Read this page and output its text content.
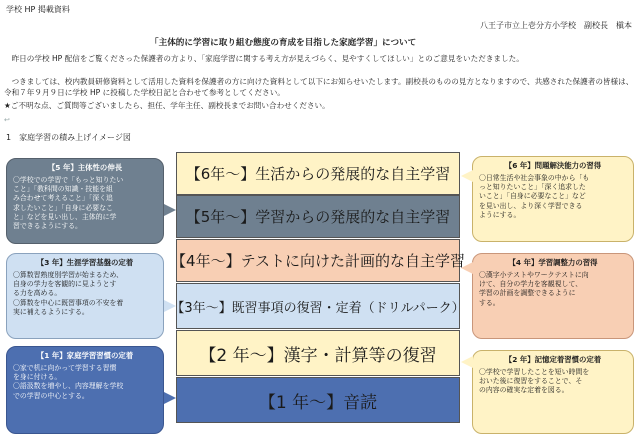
学校 HP 掲載資料
八王子市立上壱分方小学校　副校長　槇本
「主体的に学習に取り組む態度の育成を目指した家庭学習」について
　昨日の学校 HP 配信をご覧くださった保護者の方より、「家庭学習に関する考え方が見えづらく、見やすくしてほしい」とのご意見をいただきました。
　つきましては、校内教員研修資料として活用した資料を保護者の方に向けた資料として以下にお知らせいたします。副校長のものの見方となりますので、共感された保護者の皆様は、令和７年９月９日に学校 HP に投稿した学校日記と合わせて参考としてください。
★ご不明な点、ご質問等ございましたら、担任、学年主任、副校長までお問い合わせください。
↩
1　家庭学習の積み上げイメージ図
【6年～】生活からの発展的な自主学習
【5年～】学習からの発展的な自主学習
【4年～】テストに向けた計画的な自主学習
【3年～】既習事項の復習・定着（ドリルパーク）
【2 年～】漢字・計算等の復習
【1 年～】音読
【5 年】主体性の伸長
〇学校での学習で「もっと知りたい
こと」「教科間の知識・技能を組
み合わせて考えること」「深く追
求したいこと」「自身に必要なこ
と」などを見い出し、主体的に学
習できるようにする。
【3 年】生涯学習基盤の定着
〇算数習熟度別学習が始まるため、
自身の学力を客観的に見ようとす
る力を高める。
〇算数を中心に既習事項の不安を着
実に補えるようにする。
【1 年】家庭学習習慣の定着
〇家で机に向かって学習する習慣
を身に付ける。
〇語汲数を増やし、内容理解を学校
での学習の中心とする。
【6 年】問題解決能力の習得
〇日常生活や社会事象の中から「も
っと知りたいこと」「深く追求した
いこと」「自身に必要なこと」など
を見い出し、より深く学習できる
ようにする。
【4 年】学習調整力の習得
〇漢字小テストやワークテストに向
けて、自分の学力を客観視して、
学習の計画を調整できるように
する。
【2 年】記憶定着習慣の定着
〇学校で学習したことを短い時間を
おいた後に復習をすることで、そ
の内容の確実な定着を図る。
